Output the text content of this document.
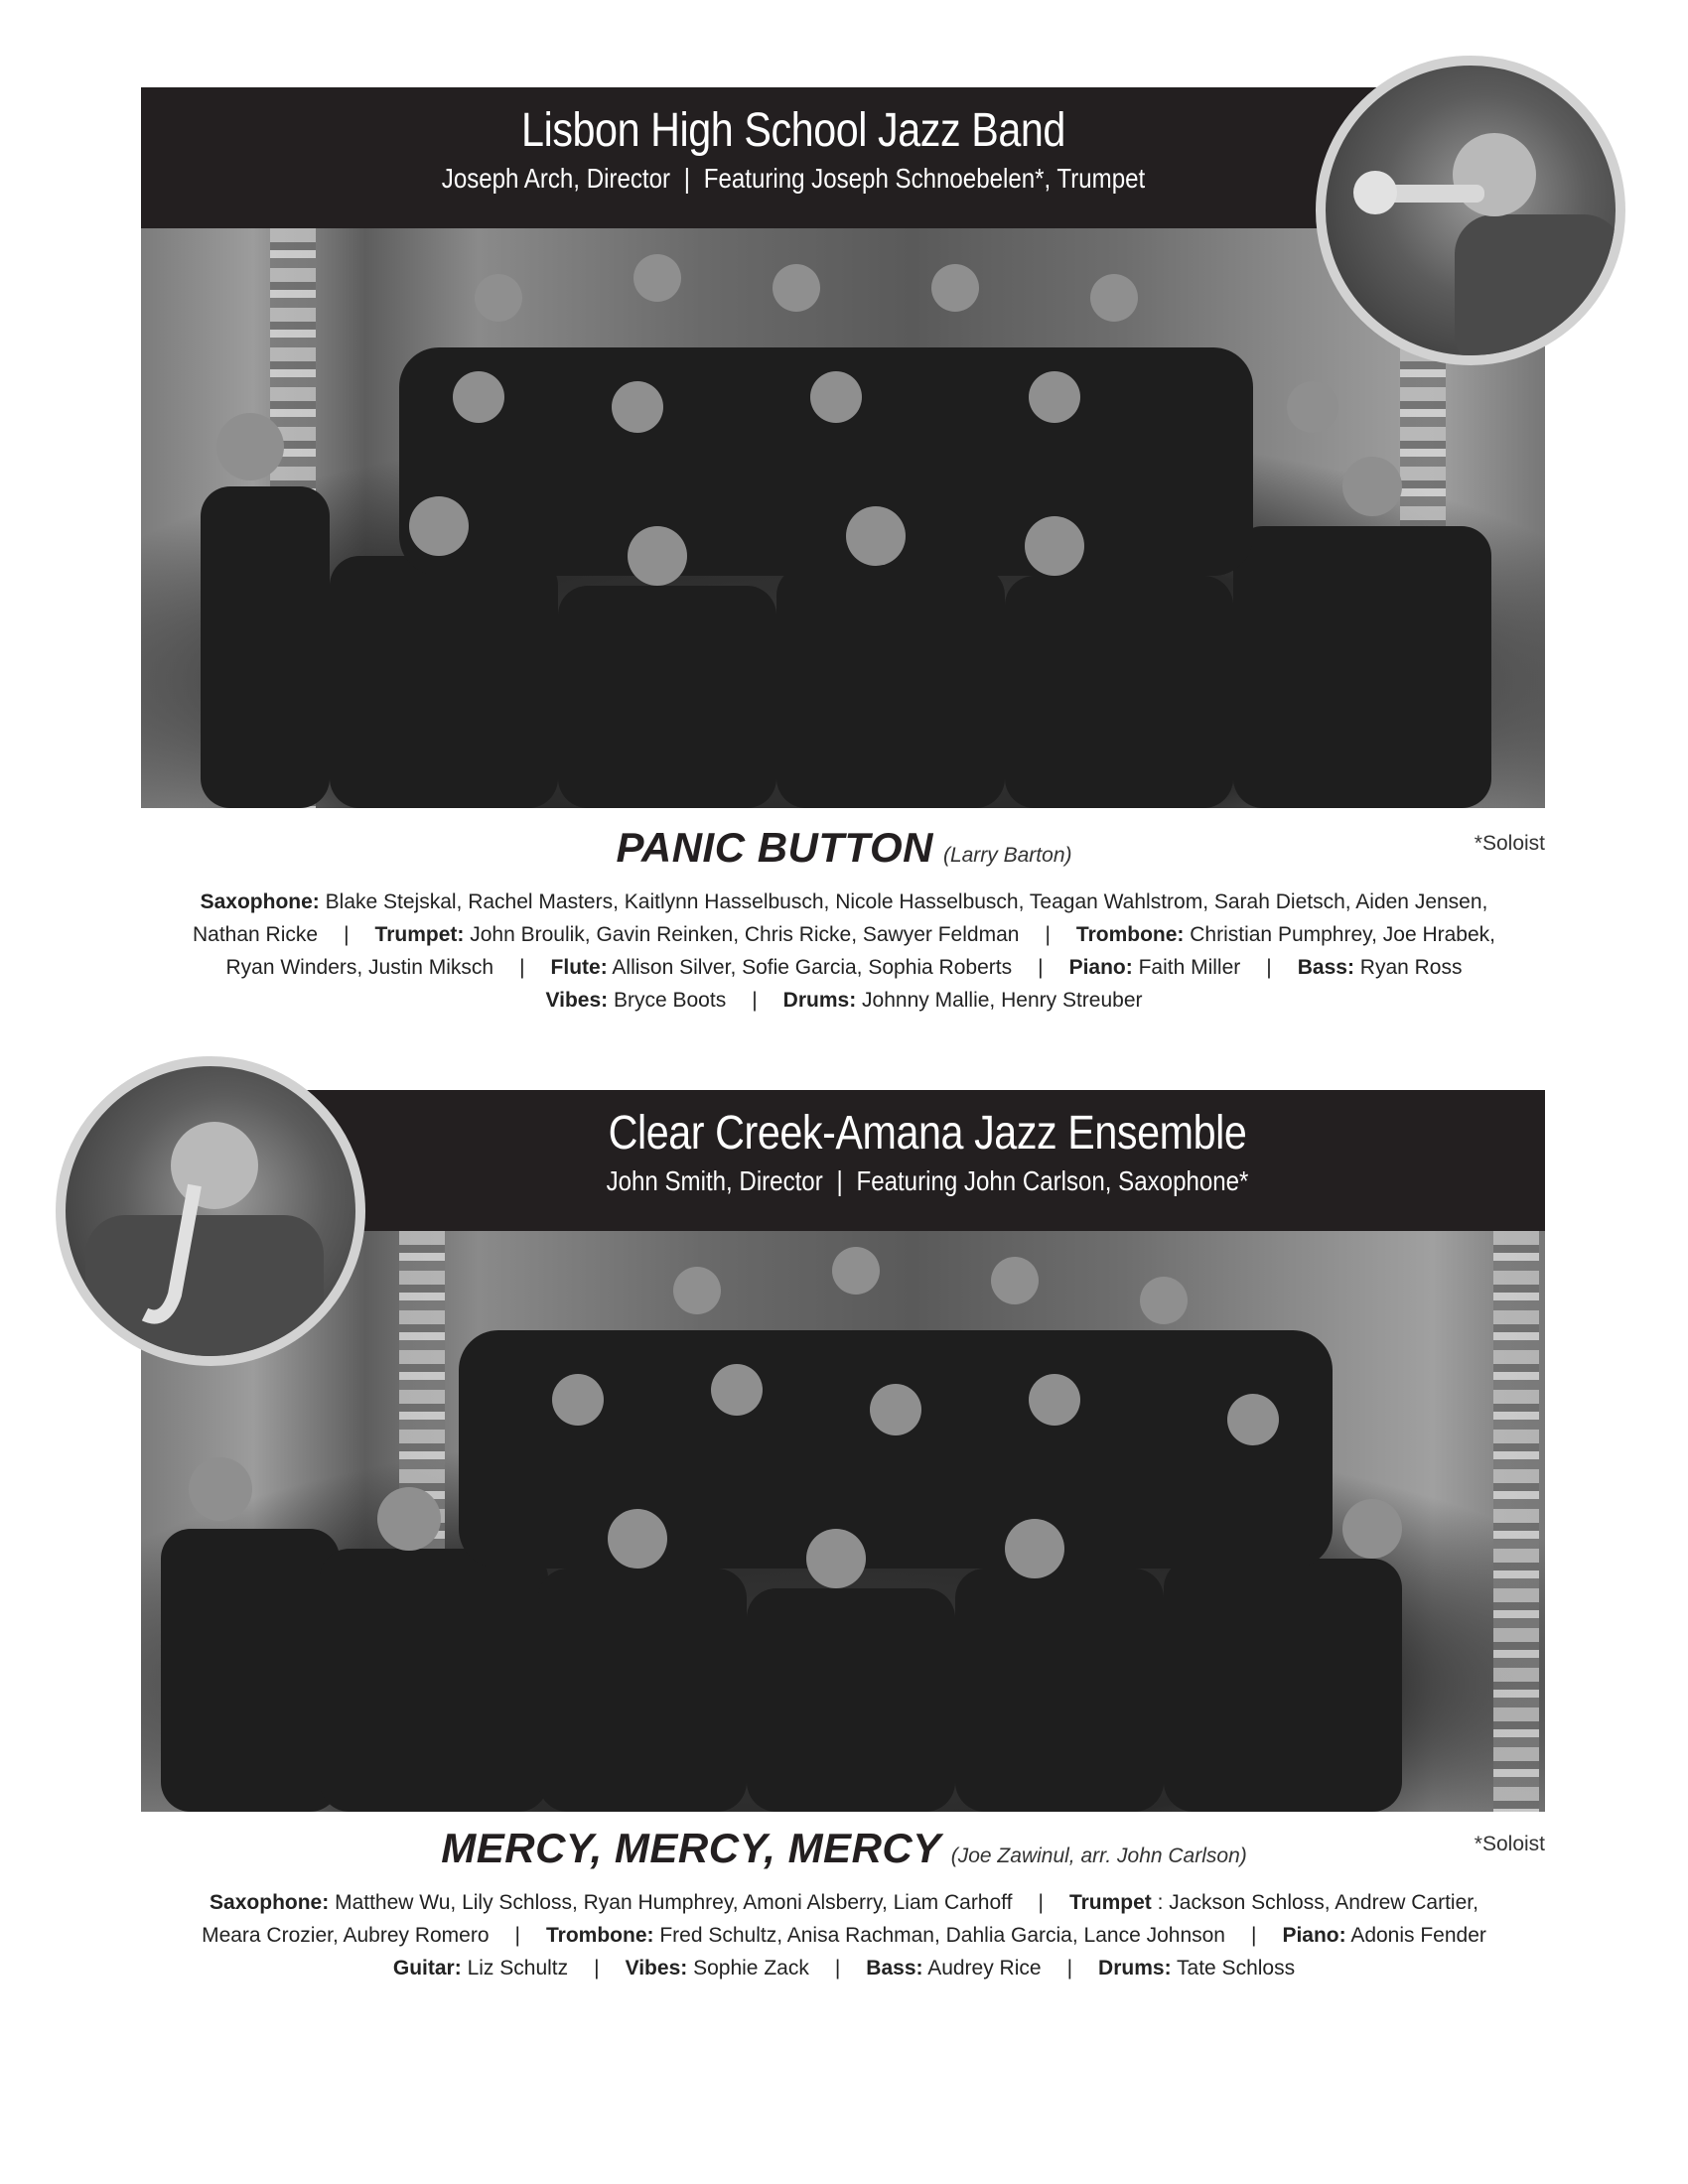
Lisbon High School Jazz Band
Joseph Arch, Director | Featuring Joseph Schnoebelen*, Trumpet
PANIC BUTTON (Larry Barton)
*Soloist
Saxophone: Blake Stejskal, Rachel Masters, Kaitlynn Hasselbusch, Nicole Hasselbusch, Teagan Wahlstrom, Sarah Dietsch, Aiden Jensen,
Nathan Ricke | Trumpet: John Broulik, Gavin Reinken, Chris Ricke, Sawyer Feldman | Trombone: Christian Pumphrey, Joe Hrabek,
Ryan Winders, Justin Miksch | Flute: Allison Silver, Sofie Garcia, Sophia Roberts | Piano: Faith Miller | Bass: Ryan Ross
Vibes: Bryce Boots | Drums: Johnny Mallie, Henry Streuber
Clear Creek-Amana Jazz Ensemble
John Smith, Director | Featuring John Carlson, Saxophone*
MERCY, MERCY, MERCY (Joe Zawinul, arr. John Carlson)
*Soloist
Saxophone: Matthew Wu, Lily Schloss, Ryan Humphrey, Amoni Alsberry, Liam Carhoff | Trumpet : Jackson Schloss, Andrew Cartier,
Meara Crozier, Aubrey Romero | Trombone: Fred Schultz, Anisa Rachman, Dahlia Garcia, Lance Johnson | Piano: Adonis Fender
Guitar: Liz Schultz | Vibes: Sophie Zack | Bass: Audrey Rice | Drums: Tate Schloss
